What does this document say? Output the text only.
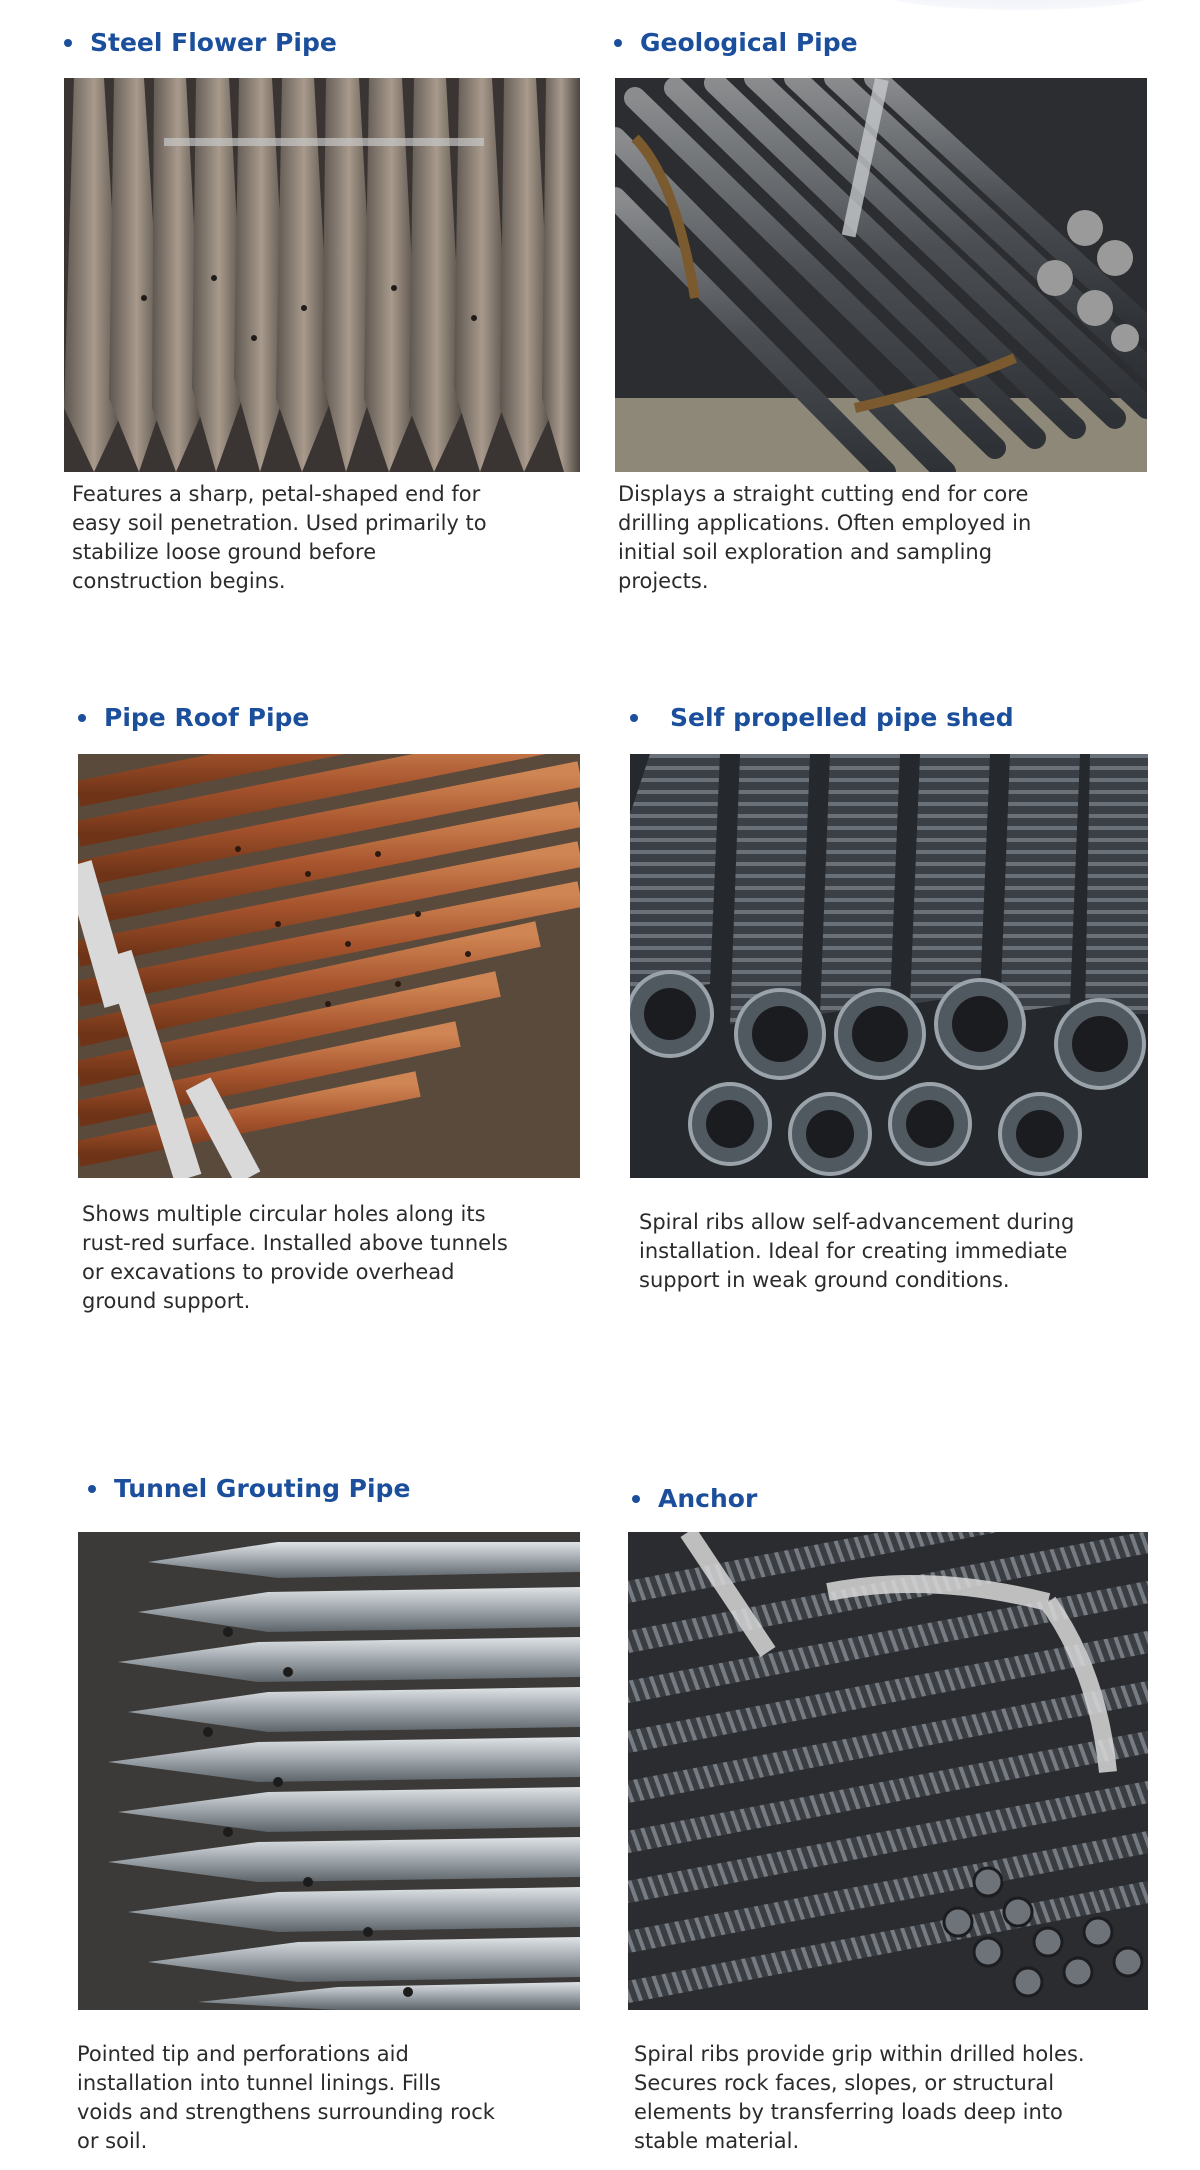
Steel Flower Pipe

Features a sharp, petal-shaped end for easy soil penetration. Used primarily to stabilize loose ground before construction begins.

Geological Pipe

Displays a straight cutting end for core drilling applications. Often employed in initial soil exploration and sampling projects.

Pipe Roof Pipe

Shows multiple circular holes along its rust-red surface. Installed above tunnels or excavations to provide overhead ground support.

Self propelled pipe shed

Spiral ribs allow self-advancement during installation. Ideal for creating immediate support in weak ground conditions.

Tunnel Grouting Pipe

Pointed tip and perforations aid installation into tunnel linings. Fills voids and strengthens surrounding rock or soil.

Anchor

Spiral ribs provide grip within drilled holes. Secures rock faces, slopes, or structural elements by transferring loads deep into stable material.
